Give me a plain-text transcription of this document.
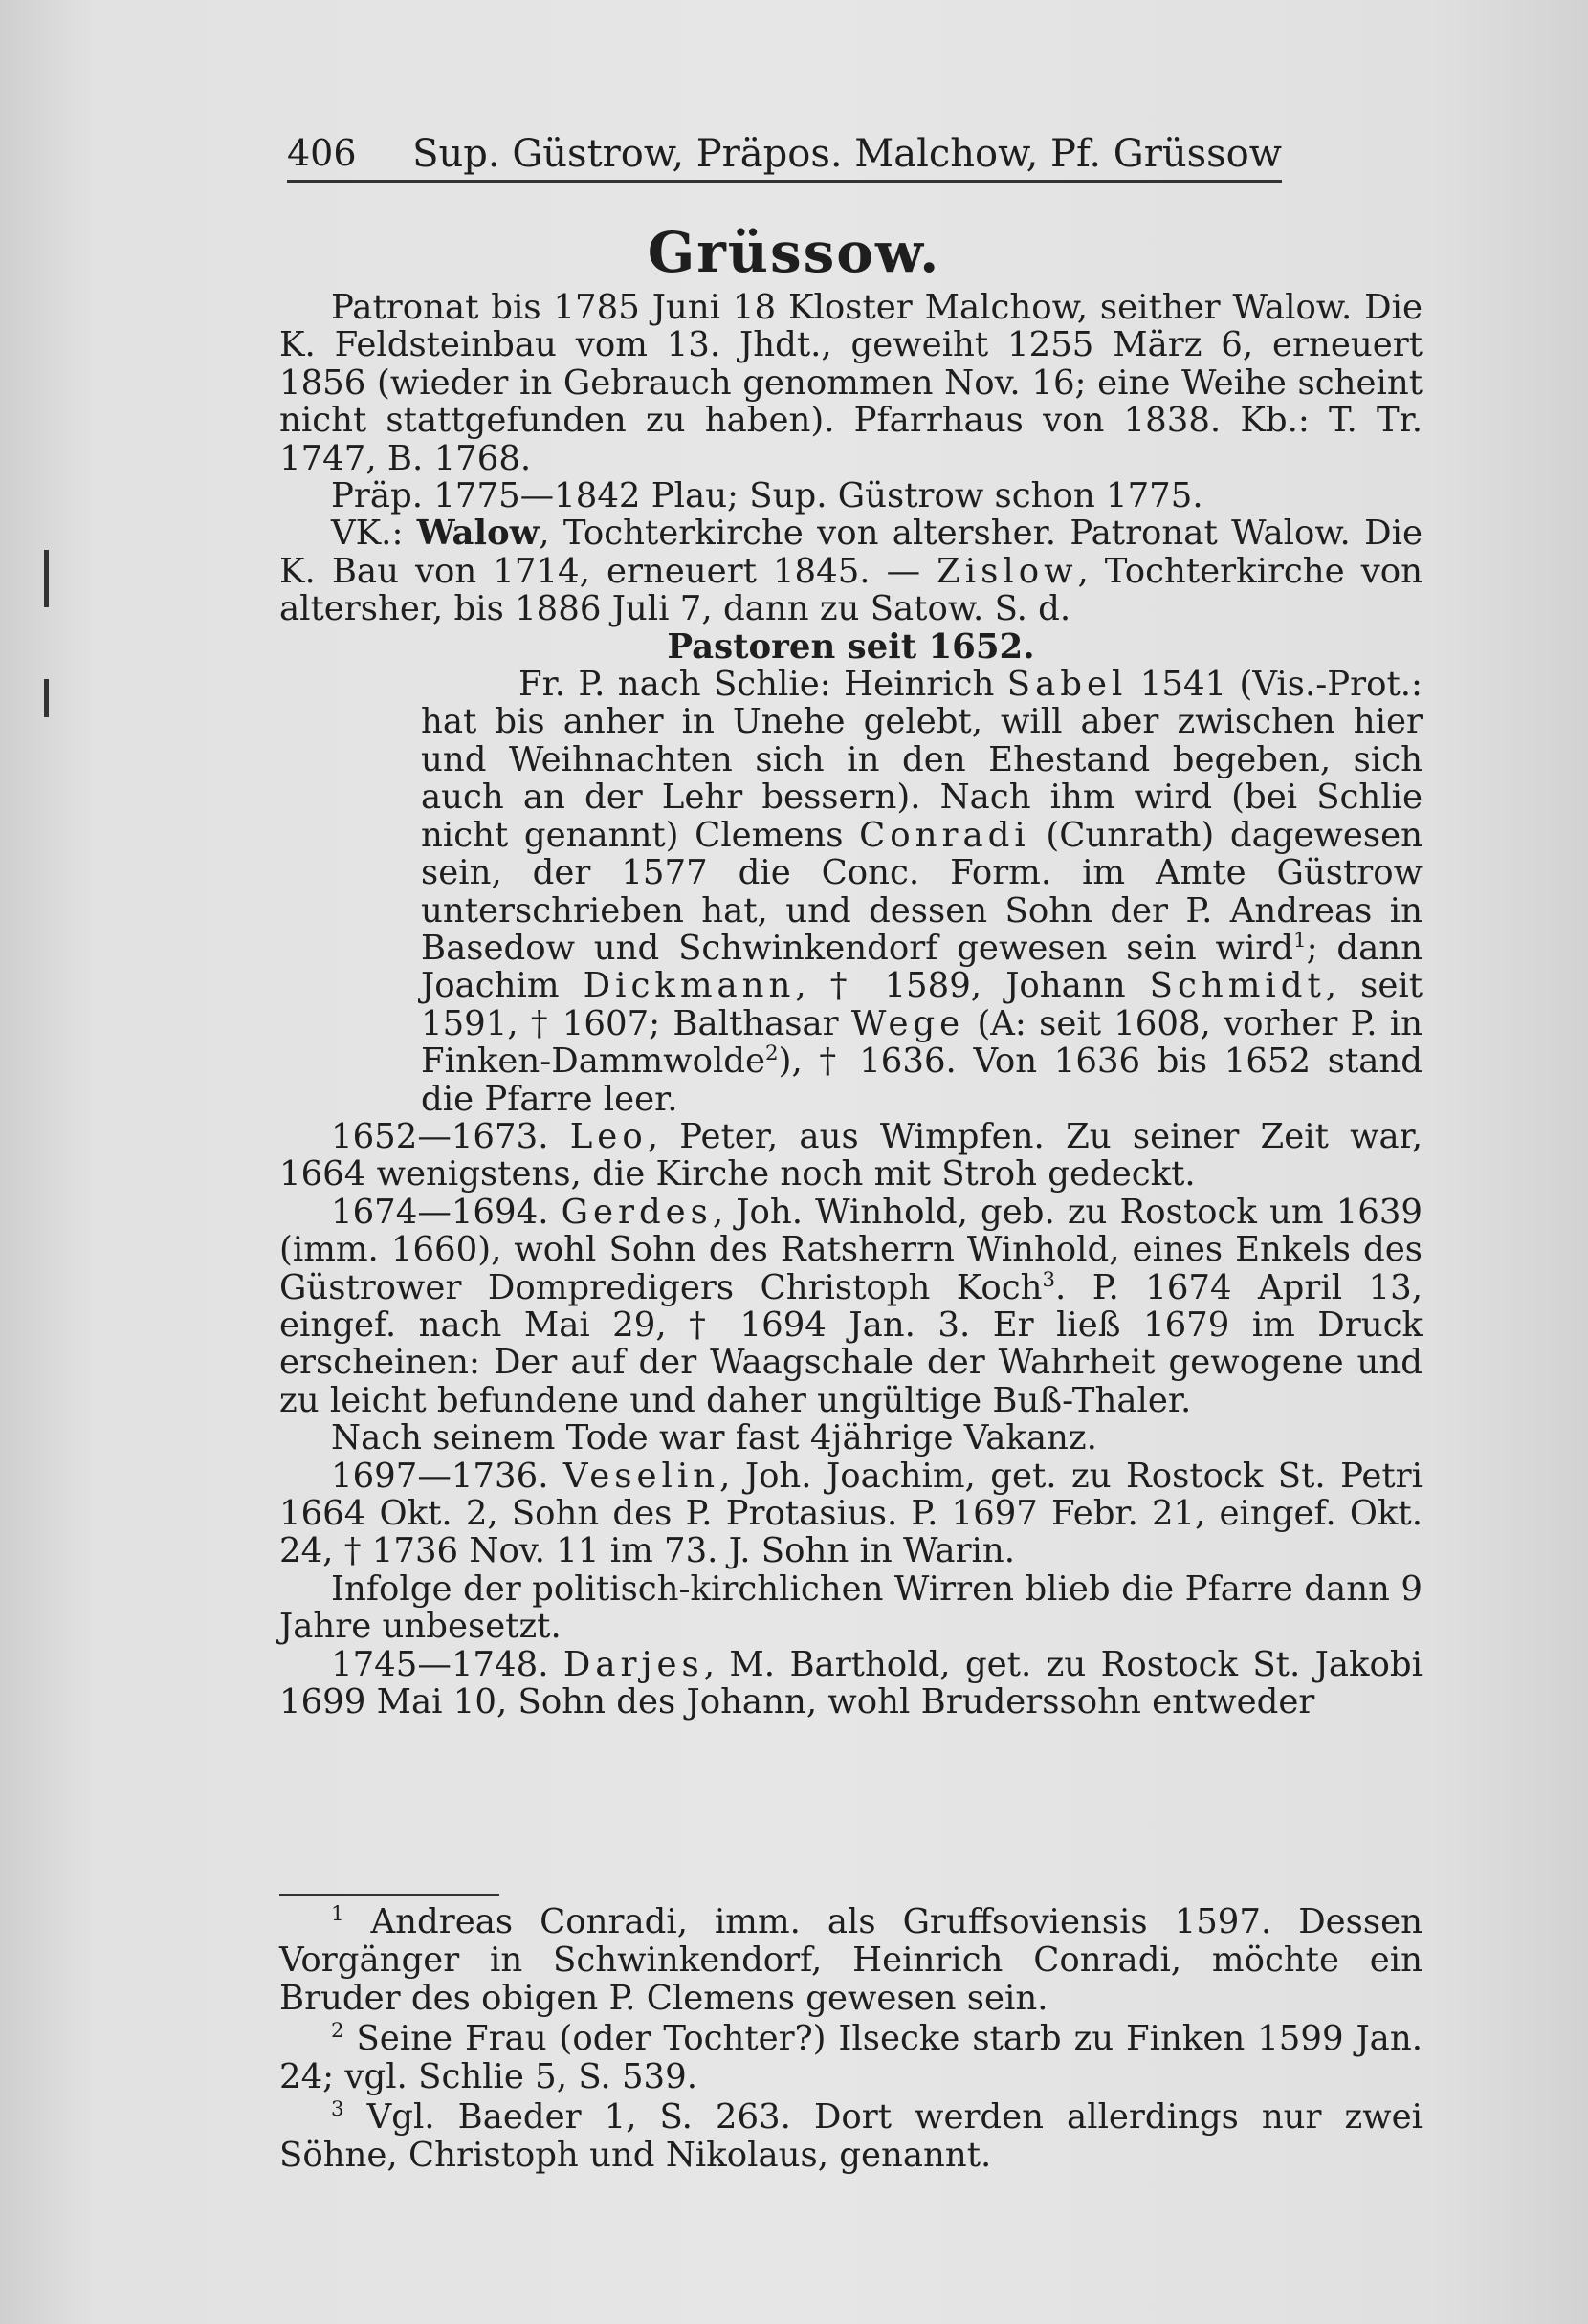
406 Sup. Güstrow, Präpos. Malchow, Pf. Grüssow
Grüssow.

Patronat bis 1785 Juni 18 Kloster Malchow, seither Walow. Die K. Feldsteinbau vom 13. Jhdt., geweiht 1255 März 6, erneuert 1856 (wieder in Gebrauch genommen Nov. 16; eine Weihe scheint nicht stattgefunden zu haben). Pfarrhaus von 1838. Kb.: T. Tr. 1747, B. 1768.

Präp. 1775—1842 Plau; Sup. Güstrow schon 1775.

VK.: Walow, Tochterkirche von altersher. Patronat Walow. Die K. Bau von 1714, erneuert 1845. — Zislow, Tochterkirche von altersher, bis 1886 Juli 7, dann zu Satow. S. d.

Pastoren seit 1652.

Fr. P. nach Schlie: Heinrich Sabel 1541 (Vis.-Prot.: hat bis anher in Unehe gelebt, will aber zwischen hier und Weihnachten sich in den Ehestand begeben, sich auch an der Lehr bessern). Nach ihm wird (bei Schlie nicht genannt) Clemens Conradi (Cunrath) dagewesen sein, der 1577 die Conc. Form. im Amte Güstrow unterschrieben hat, und dessen Sohn der P. Andreas in Basedow und Schwinkendorf gewesen sein wird$^1$; dann Joachim Dickmann, † 1589, Johann Schmidt, seit 1591, † 1607; Balthasar Wege (A: seit 1608, vorher P. in Finken-Dammwolde$^2$), † 1636. Von 1636 bis 1652 stand die Pfarre leer.

1652—1673. Leo, Peter, aus Wimpfen. Zu seiner Zeit war, 1664 wenigstens, die Kirche noch mit Stroh gedeckt.

1674—1694. Gerdes, Joh. Winhold, geb. zu Rostock um 1639 (imm. 1660), wohl Sohn des Ratsherrn Winhold, eines Enkels des Güstrower Dompredigers Christoph Koch$^3$. P. 1674 April 13, eingef. nach Mai 29, † 1694 Jan. 3. Er ließ 1679 im Druck erscheinen: Der auf der Waagschale der Wahrheit gewogene und zu leicht befundene und daher ungültige Buß-Thaler.

Nach seinem Tode war fast 4jährige Vakanz.

1697—1736. Veselin, Joh. Joachim, get. zu Rostock St. Petri 1664 Okt. 2, Sohn des P. Protasius. P. 1697 Febr. 21, eingef. Okt. 24, † 1736 Nov. 11 im 73. J. Sohn in Warin.

Infolge der politisch-kirchlichen Wirren blieb die Pfarre dann 9 Jahre unbesetzt.

1745—1748. Darjes, M. Barthold, get. zu Rostock St. Jakobi 1699 Mai 10, Sohn des Johann, wohl Bruderssohn entweder

$^1$ Andreas Conradi, imm. als Gruffsoviensis 1597. Dessen Vorgänger in Schwinkendorf, Heinrich Conradi, möchte ein Bruder des obigen P. Clemens gewesen sein.

$^2$ Seine Frau (oder Tochter?) Ilsecke starb zu Finken 1599 Jan. 24; vgl. Schlie 5, S. 539.

$^3$ Vgl. Baeder 1, S. 263. Dort werden allerdings nur zwei Söhne, Christoph und Nikolaus, genannt.
